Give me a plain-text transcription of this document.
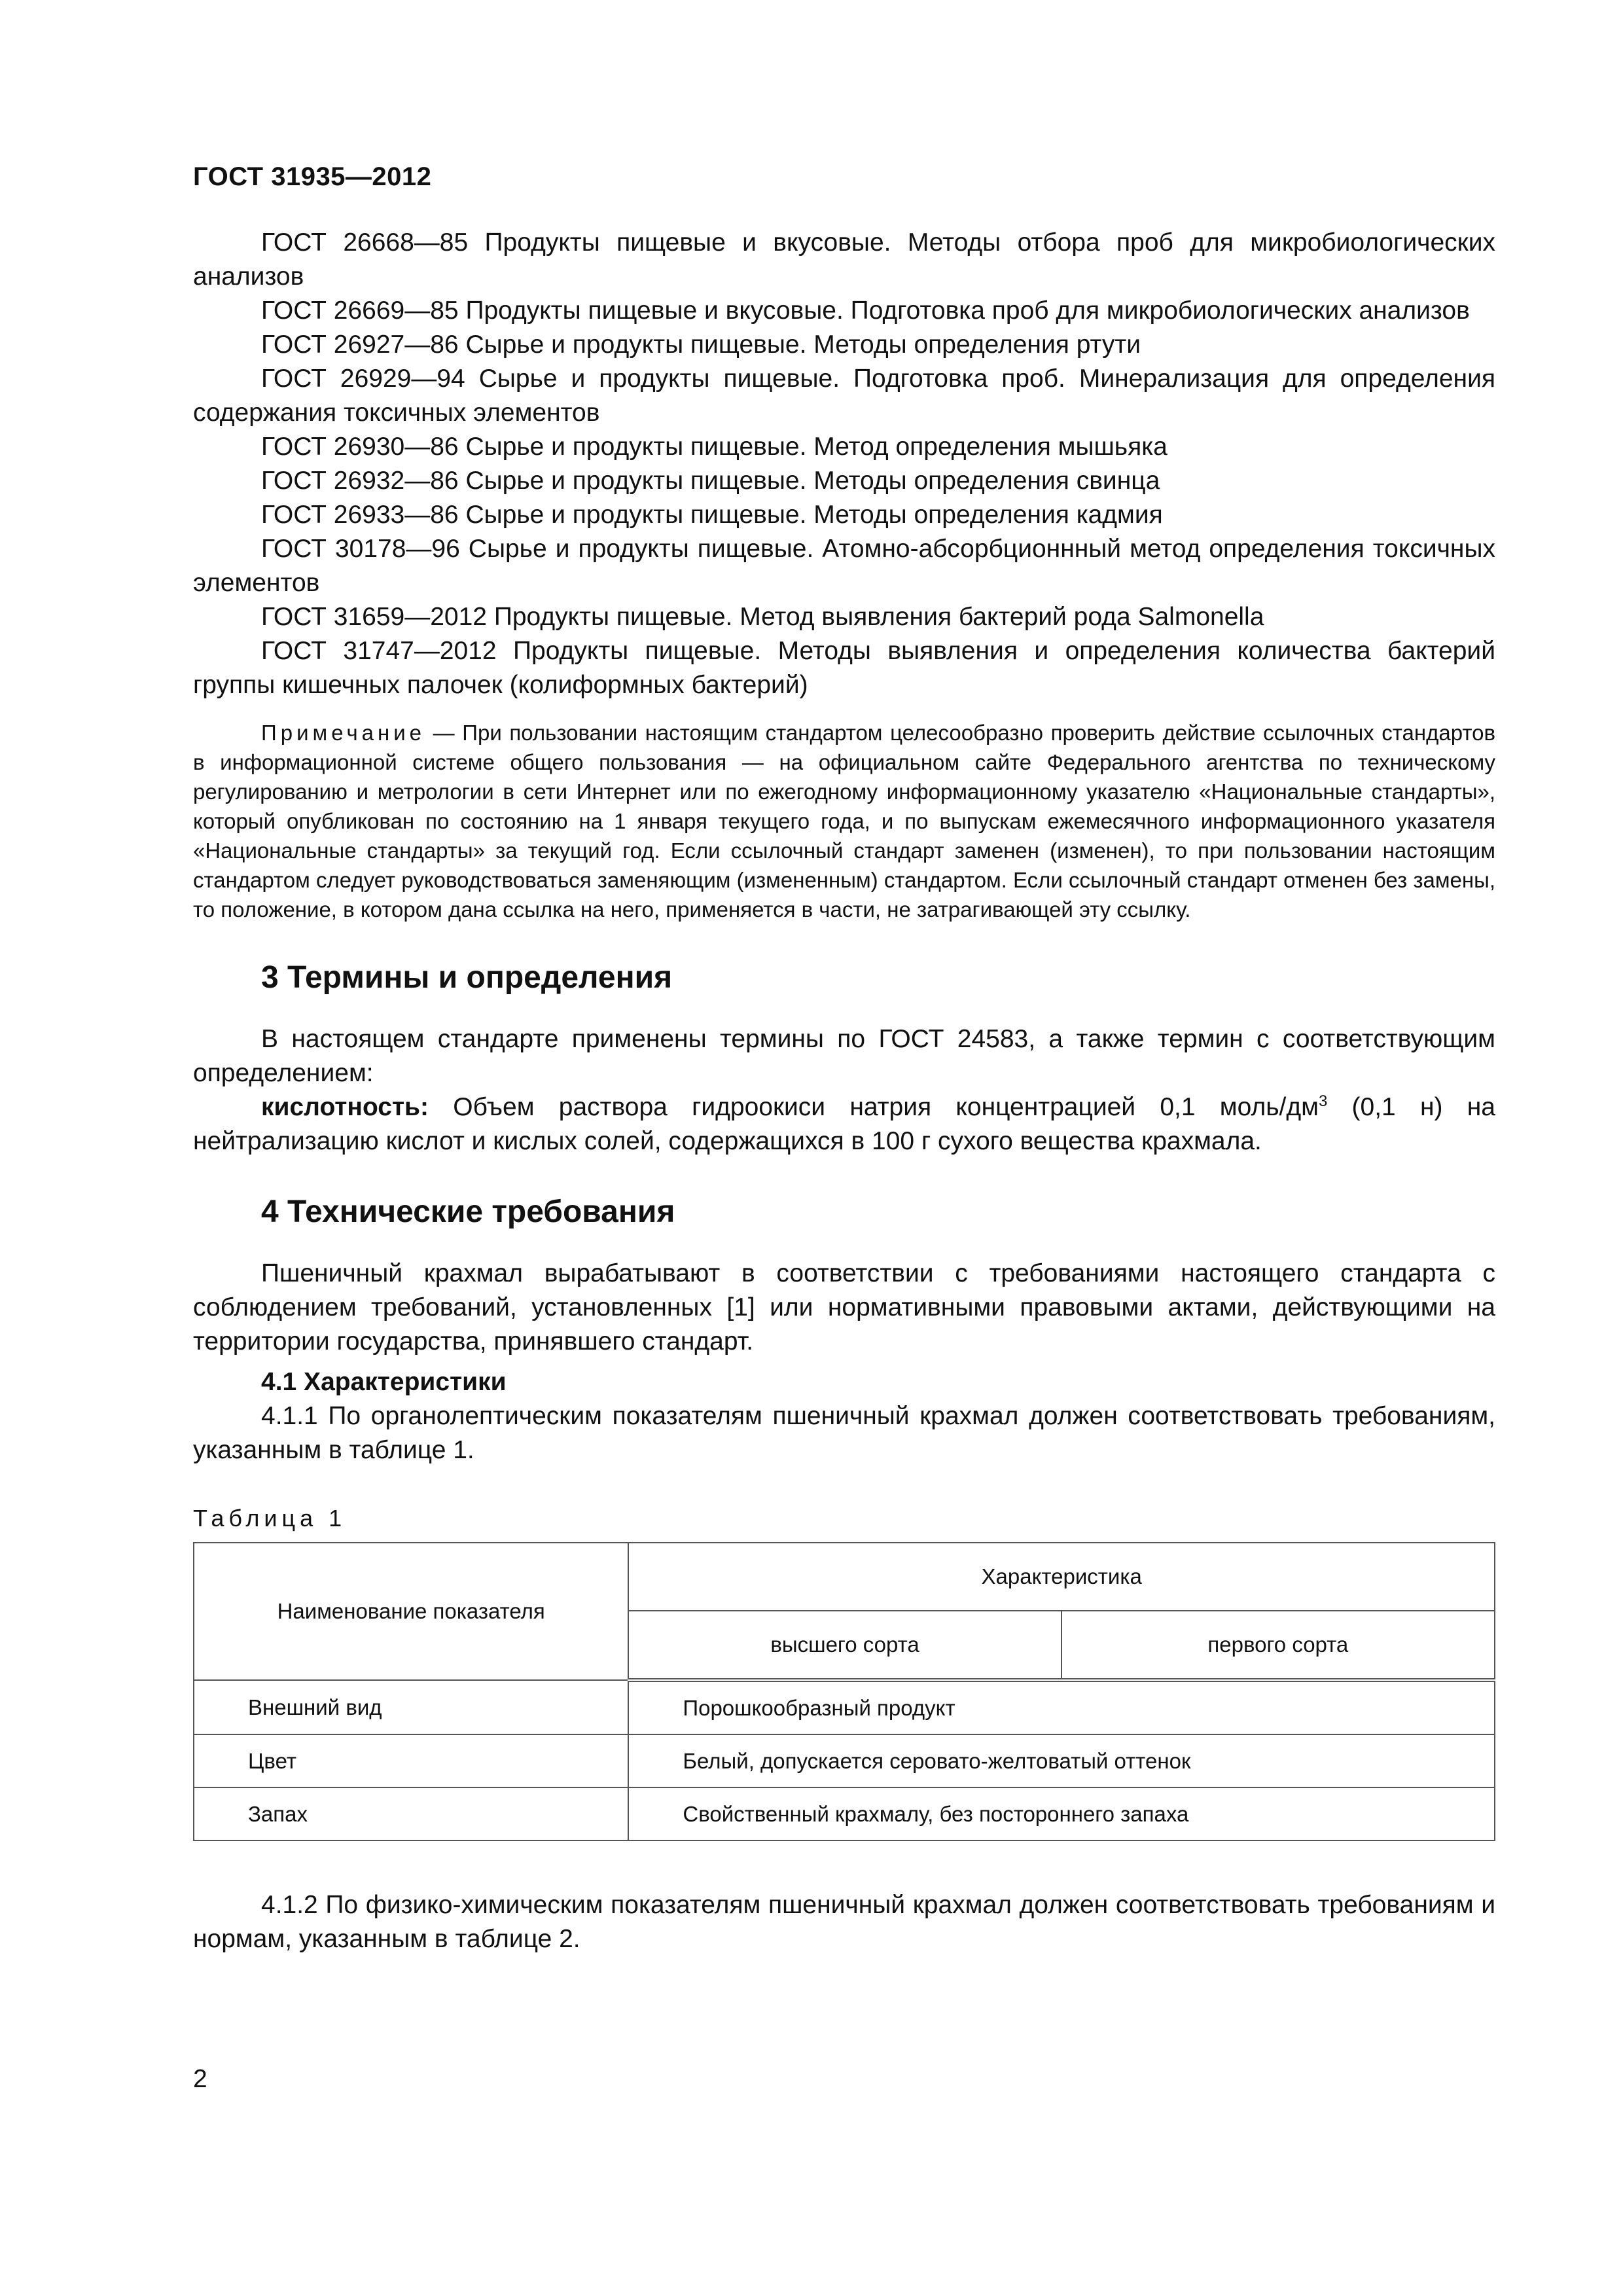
ГОСТ 31935—2012

ГОСТ 26668—85 Продукты пищевые и вкусовые. Методы отбора проб для микробиологических анализов

ГОСТ 26669—85 Продукты пищевые и вкусовые. Подготовка проб для микробиологических анализов

ГОСТ 26927—86 Сырье и продукты пищевые. Методы определения ртути

ГОСТ 26929—94 Сырье и продукты пищевые. Подготовка проб. Минерализация для определения содержания токсичных элементов

ГОСТ 26930—86 Сырье и продукты пищевые. Метод определения мышьяка

ГОСТ 26932—86 Сырье и продукты пищевые. Методы определения свинца

ГОСТ 26933—86 Сырье и продукты пищевые. Методы определения кадмия

ГОСТ 30178—96 Сырье и продукты пищевые. Атомно-абсорбционнный метод определения токсичных элементов

ГОСТ 31659—2012 Продукты пищевые. Метод выявления бактерий рода Salmonella

ГОСТ 31747—2012 Продукты пищевые. Методы выявления и определения количества бактерий группы кишечных палочек (колиформных бактерий)

Примечание — При пользовании настоящим стандартом целесообразно проверить действие ссылочных стандартов в информационной системе общего пользования — на официальном сайте Федерального агентства по техническому регулированию и метрологии в сети Интернет или по ежегодному информационному указателю «Национальные стандарты», который опубликован по состоянию на 1 января текущего года, и по выпускам ежемесячного информационного указателя «Национальные стандарты» за текущий год. Если ссылочный стандарт заменен (изменен), то при пользовании настоящим стандартом следует руководствоваться заменяющим (измененным) стандартом. Если ссылочный стандарт отменен без замены, то положение, в котором дана ссылка на него, применяется в части, не затрагивающей эту ссылку.

3 Термины и определения

В настоящем стандарте применены термины по ГОСТ 24583, а также термин с соответствующим определением:

кислотность: Объем раствора гидроокиси натрия концентрацией 0,1 моль/$дм^3$ (0,1 н) на нейтрализацию кислот и кислых солей, содержащихся в 100 г сухого вещества крахмала.

4 Технические требования

Пшеничный крахмал вырабатывают в соответствии с требованиями настоящего стандарта с соблюдением требований, установленных [1] или нормативными правовыми актами, действующими на территории государства, принявшего стандарт.

4.1 Характеристики

4.1.1 По органолептическим показателям пшеничный крахмал должен соответствовать требованиям, указанным в таблице 1.

Таблица 1
Наименование показателя	Характеристика	
	высшего сорта	первого сорта
Внешний вид	Порошкообразный продукт	
Цвет	Белый, допускается серовато-желтоватый оттенок	
Запах	Свойственный крахмалу, без постороннего запаха	

4.1.2 По физико-химическим показателям пшеничный крахмал должен соответствовать требованиям и нормам, указанным в таблице 2.

2
